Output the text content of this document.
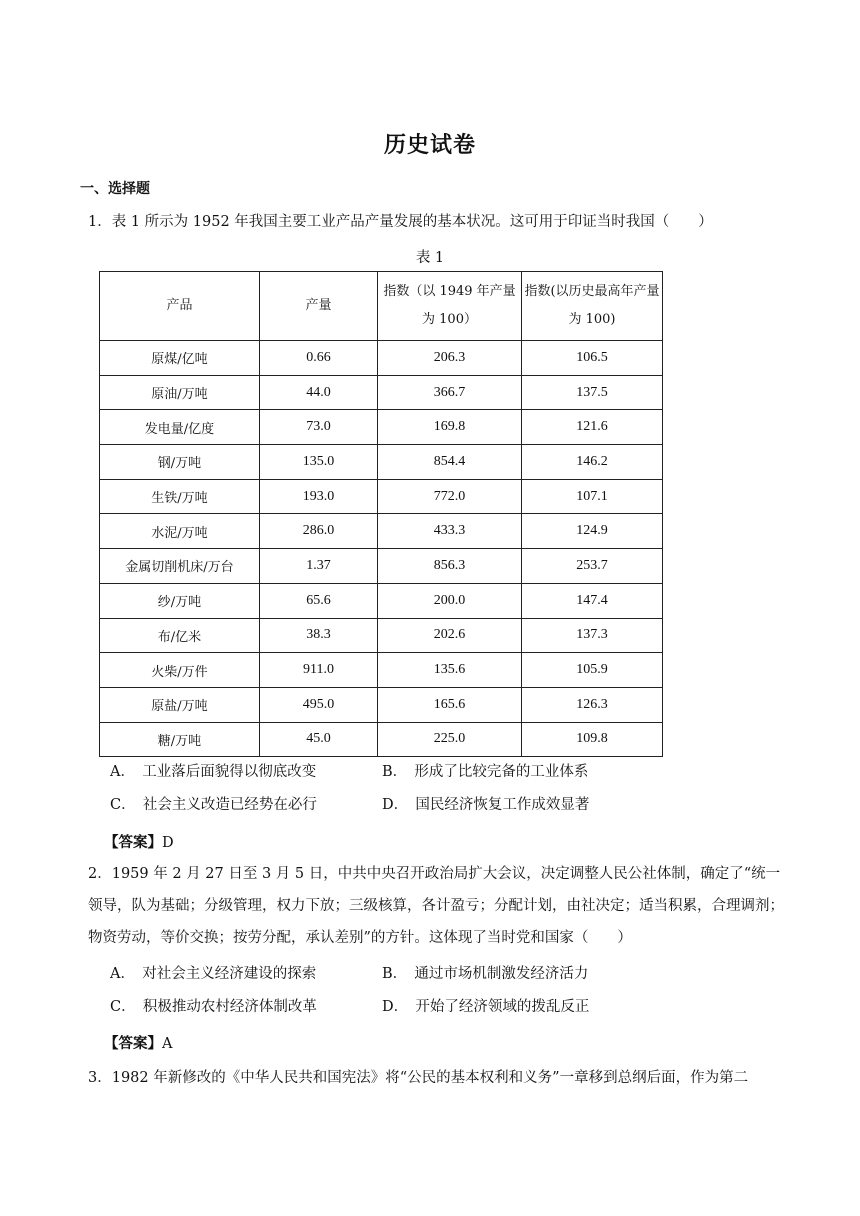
历史试卷
一、选择题
1．表 1 所示为 1952 年我国主要工业产品产量发展的基本状况。这可用于印证当时我国（　　）
表 1
产品	产量	指数（以 1949 年产量为 100）	指数(以历史最高年产量为 100)
原煤/亿吨	0.66	206.3	106.5
原油/万吨	44.0	366.7	137.5
发电量/亿度	73.0	169.8	121.6
钢/万吨	135.0	854.4	146.2
生铁/万吨	193.0	772.0	107.1
水泥/万吨	286.0	433.3	124.9
金属切削机床/万台	1.37	856.3	253.7
纱/万吨	65.6	200.0	147.4
布/亿米	38.3	202.6	137.3
火柴/万件	911.0	135.6	105.9
原盐/万吨	495.0	165.6	126.3
糖/万吨	45.0	225.0	109.8
A．　工业落后面貌得以彻底改变	B．　形成了比较完备的工业体系
C．　社会主义改造已经势在必行	D．　国民经济恢复工作成效显著
【答案】D
2．1959 年 2 月 27 日至 3 月 5 日，中共中央召开政治局扩大会议，决定调整人民公社体制，确定了“统一领导，队为基础；分级管理，权力下放；三级核算，各计盈亏；分配计划，由社决定；适当积累，合理调剂；物资劳动，等价交换；按劳分配，承认差别”的方针。这体现了当时党和国家（　　）
A．　对社会主义经济建设的探索	B．　通过市场机制激发经济活力
C．　积极推动农村经济体制改革	D．　开始了经济领域的拨乱反正
【答案】A
3．1982 年新修改的《中华人民共和国宪法》将“公民的基本权利和义务”一章移到总纲后面，作为第二
